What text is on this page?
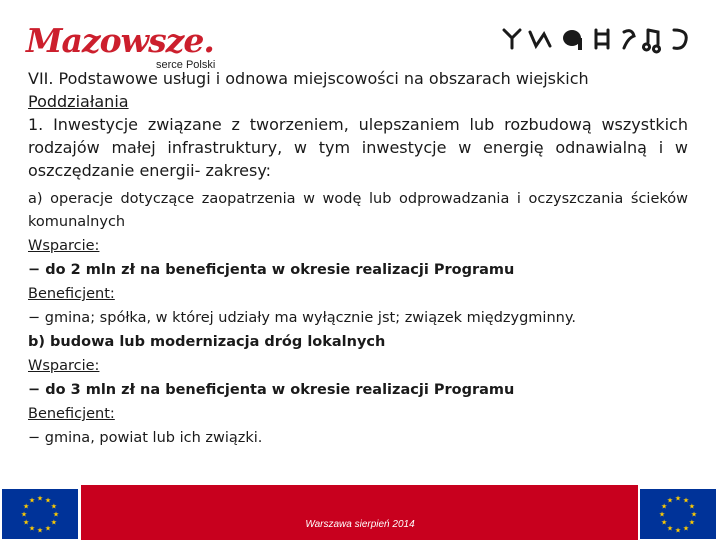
Mazowsze.
serce Polski

VII. Podstawowe usługi i odnowa miejscowości na obszarach wiejskich

Poddziałania

1. Inwestycje związane z tworzeniem, ulepszaniem lub rozbudową wszystkich rodzajów małej infrastruktury, w tym inwestycje w energię odnawialną i w oszczędzanie energii- zakresy:

a) operacje dotyczące zaopatrzenia w wodę lub odprowadzania i oczyszczania ścieków komunalnych

Wsparcie:

− do 2 mln zł na beneficjenta w okresie realizacji Programu

Beneficjent:

− gmina; spółka, w której udziały ma wyłącznie jst; związek międzygminny.

b) budowa lub modernizacja dróg lokalnych

Wsparcie:

− do 3 mln zł na beneficjenta w okresie realizacji Programu

Beneficjent:

− gmina, powiat lub ich związki.

★ ★
★
★
★
★
★
★
★
★
★
★	★ ★
★
★
★
★
★
★
★
★
★
★
Warszawa sierpień 2014
